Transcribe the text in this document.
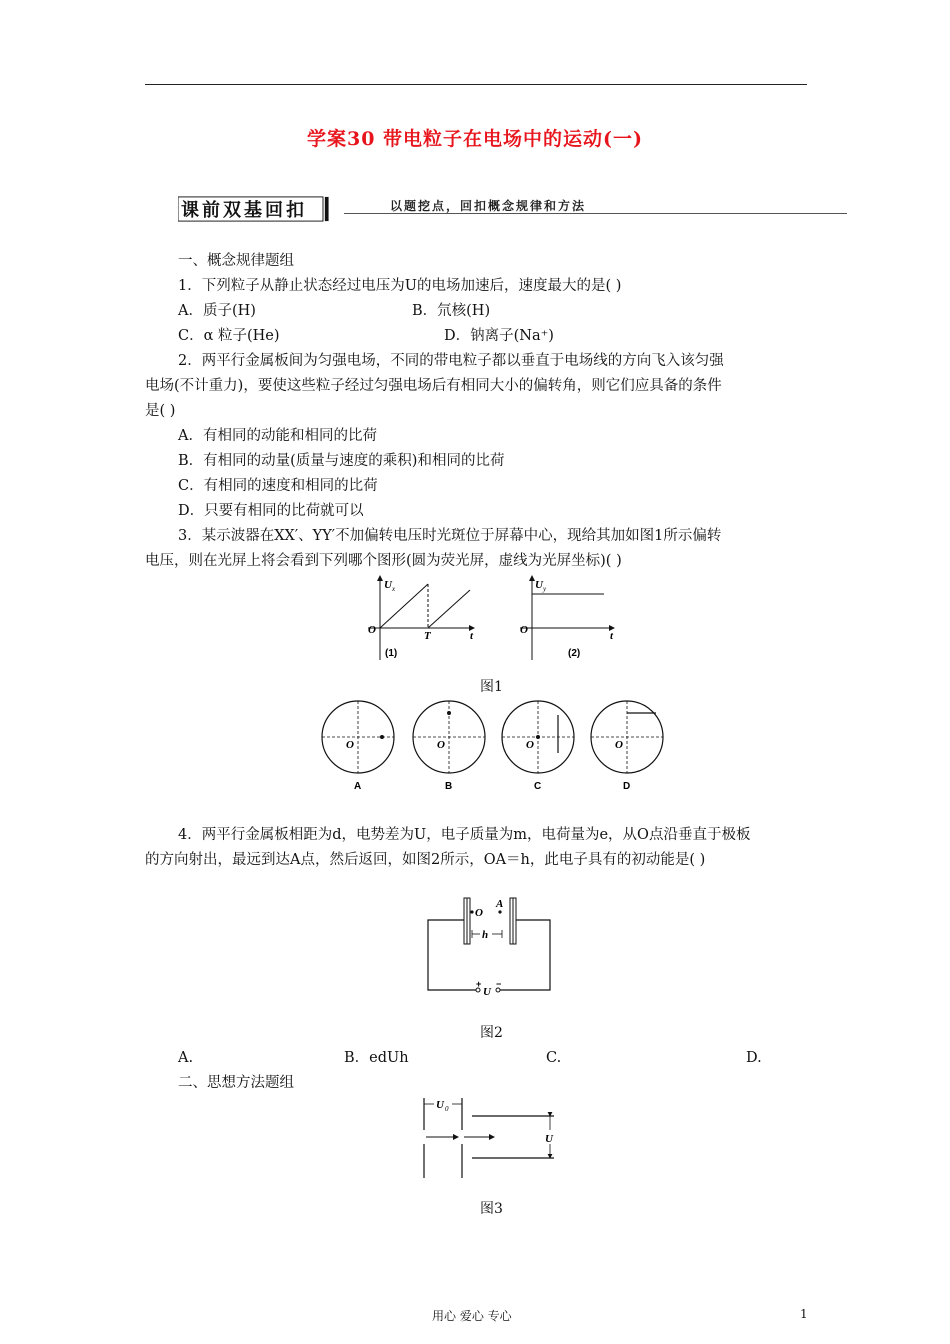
学案30 带电粒子在电场中的运动(一)
课前双基回扣	以题挖点，回扣概念规律和方法
一、概念规律题组
1．下列粒子从静止状态经过电压为U的电场加速后，速度最大的是( )
A．质子(H)	B．氘核(H)
C．α 粒子(He)	D．钠离子(Na⁺)
2．两平行金属板间为匀强电场，不同的带电粒子都以垂直于电场线的方向飞入该匀强
电场(不计重力)，要使这些粒子经过匀强电场后有相同大小的偏转角，则它们应具备的条件
是( )
A．有相同的动能和相同的比荷
B．有相同的动量(质量与速度的乘积)和相同的比荷
C．有相同的速度和相同的比荷
D．只要有相同的比荷就可以
3．某示波器在XX′、YY′不加偏转电压时光斑位于屏幕中心，现给其加如图1所示偏转
电压，则在光屏上将会看到下列哪个图形(圆为荧光屏，虚线为光屏坐标)( )
U x
O	T	t
(1)
U y
O	t
(2)
图1
O
A
O
B
O
C
O
D
4．两平行金属板相距为d，电势差为U，电子质量为m，电荷量为e，从O点沿垂直于极板
的方向射出，最远到达A点，然后返回，如图2所示，OA＝h，此电子具有的初动能是( )
O
A
h
+ −
U
图2
A.	B．edUh	C.	D.
二、思想方法题组
U 0
U
图3
用心 爱心 专心	1
